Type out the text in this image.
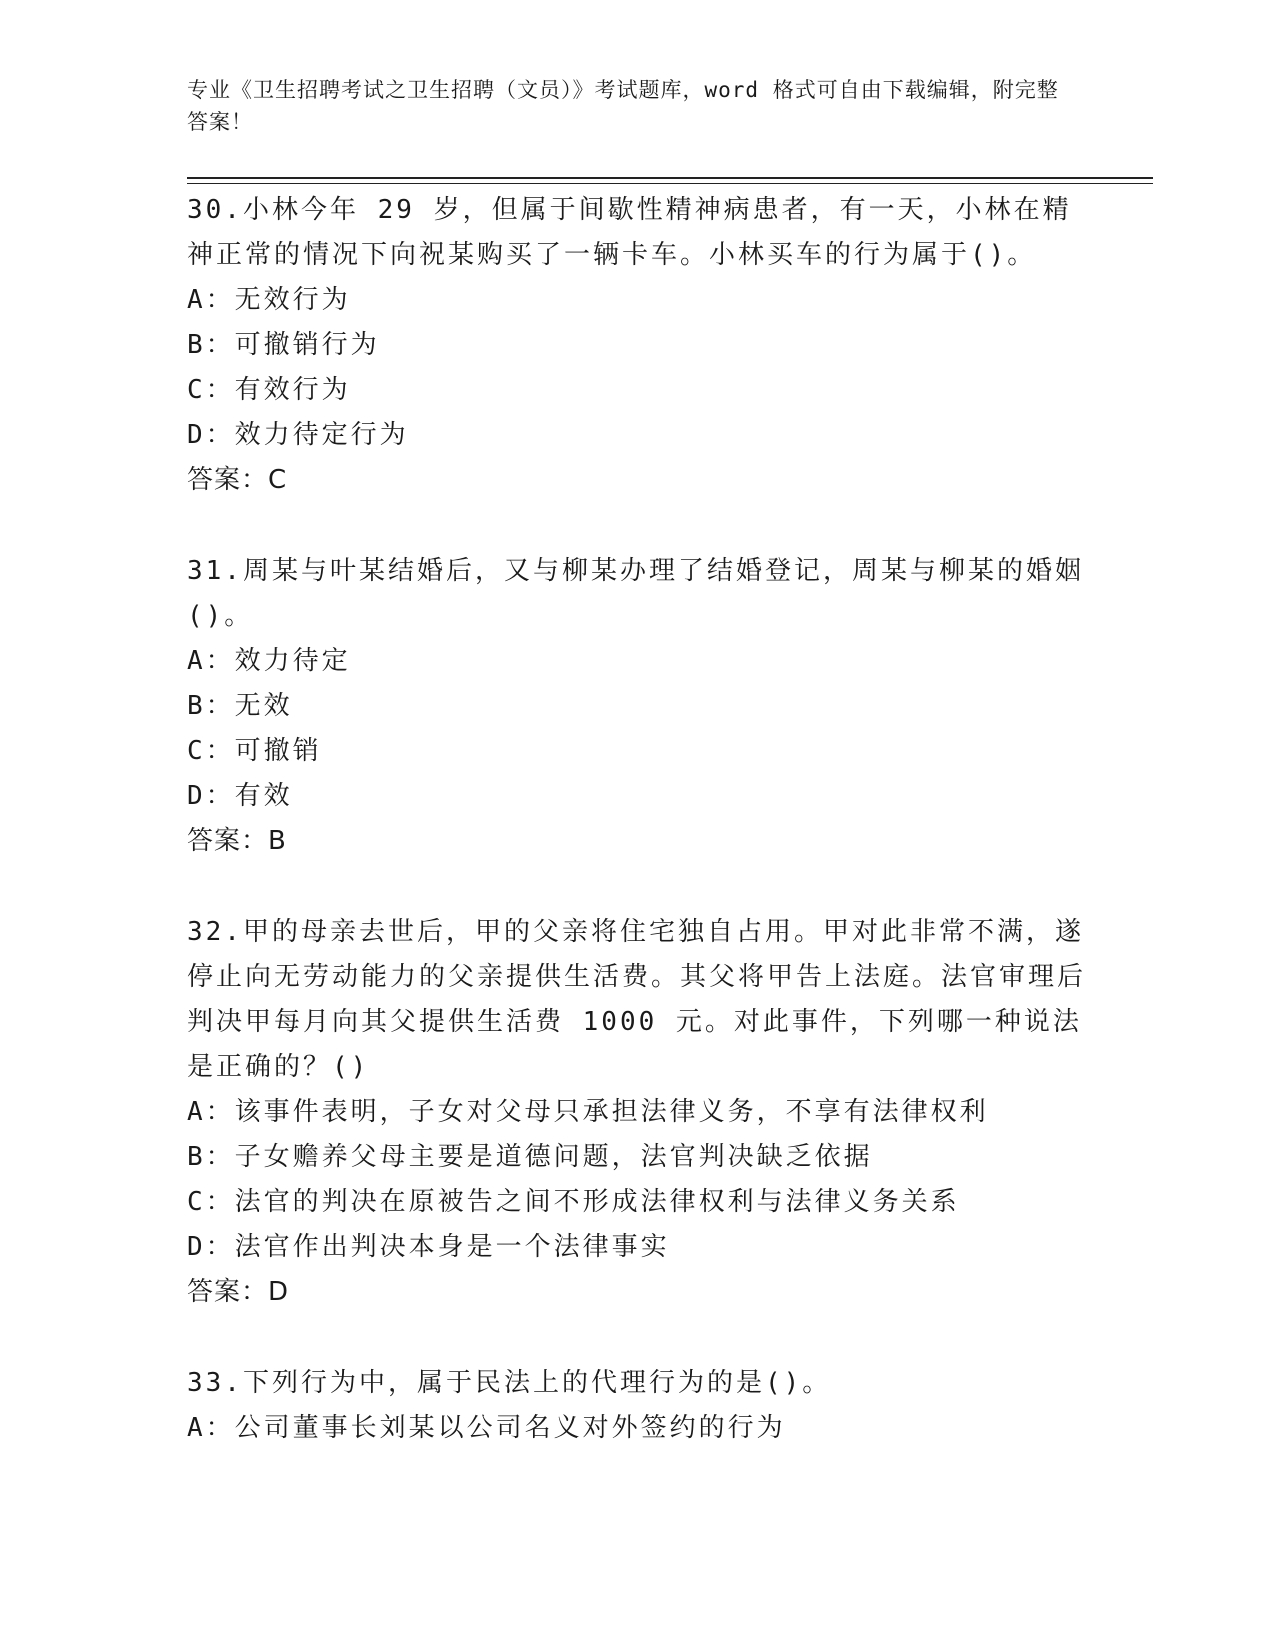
专业《卫生招聘考试之卫生招聘（文员）》考试题库，word 格式可自由下载编辑，附完整答案！

30.小林今年 29 岁，但属于间歇性精神病患者，有一天，小林在精神正常的情况下向祝某购买了一辆卡车。小林买车的行为属于()。

A：无效行为

B：可撤销行为

C：有效行为

D：效力待定行为

答案：C

31.周某与叶某结婚后，又与柳某办理了结婚登记，周某与柳某的婚姻()。

A：效力待定

B：无效

C：可撤销

D：有效

答案：B

32.甲的母亲去世后，甲的父亲将住宅独自占用。甲对此非常不满，遂停止向无劳动能力的父亲提供生活费。其父将甲告上法庭。法官审理后判决甲每月向其父提供生活费 1000 元。对此事件，下列哪一种说法是正确的？()

A：该事件表明，子女对父母只承担法律义务，不享有法律权利

B：子女赡养父母主要是道德问题，法官判决缺乏依据

C：法官的判决在原被告之间不形成法律权利与法律义务关系

D：法官作出判决本身是一个法律事实

答案：D

33.下列行为中，属于民法上的代理行为的是()。

A：公司董事长刘某以公司名义对外签约的行为
